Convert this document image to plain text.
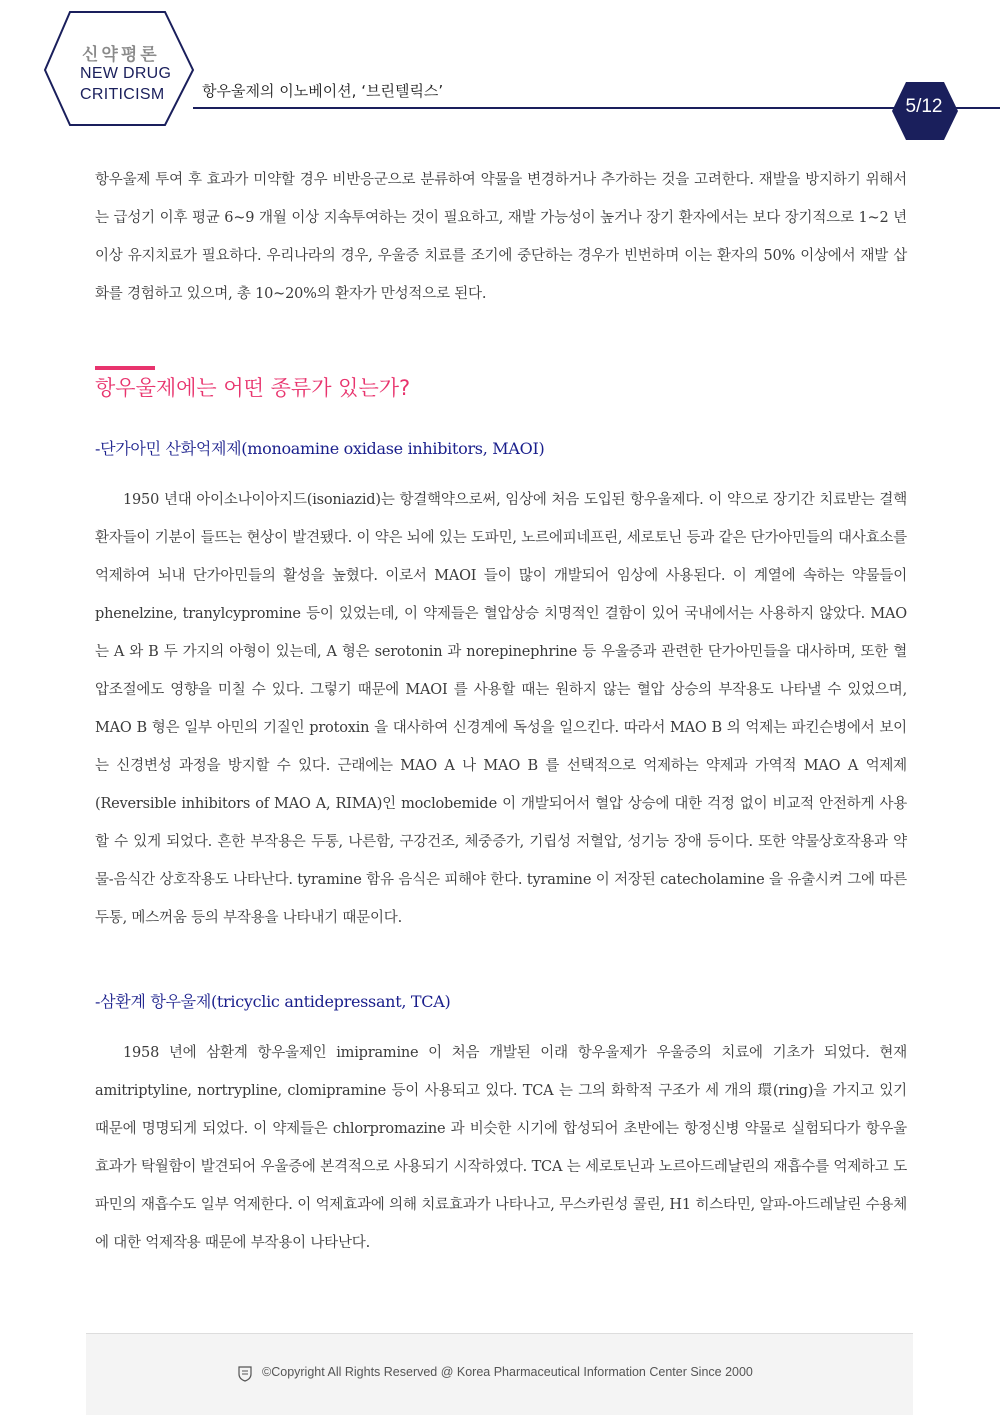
신약평론
NEW DRUG
CRITICISM	항우울제의 이노베이션, ‘브린텔릭스’
5/12

항우울제 투여 후 효과가 미약할 경우 비반응군으로 분류하여 약물을 변경하거나 추가하는 것을 고려한다. 재발을 방지하기 위해서는 급성기 이후 평균 6~9 개월 이상 지속투여하는 것이 필요하고, 재발 가능성이 높거나 장기 환자에서는 보다 장기적으로 1~2 년 이상 유지치료가 필요하다. 우리나라의 경우, 우울증 치료를 조기에 중단하는 경우가 빈번하며 이는 환자의 50% 이상에서 재발 삽화를 경험하고 있으며, 총 10~20%의 환자가 만성적으로 된다.

항우울제에는 어떤 종류가 있는가?
-단가아민 산화억제제(monoamine oxidase inhibitors, MAOI)

1950 년대 아이소나이아지드(isoniazid)는 항결핵약으로써, 임상에 처음 도입된 항우울제다. 이 약으로 장기간 치료받는 결핵 환자들이 기분이 들뜨는 현상이 발견됐다. 이 약은 뇌에 있는 도파민, 노르에피네프린, 세로토닌 등과 같은 단가아민들의 대사효소를 억제하여 뇌내 단가아민들의 활성을 높혔다. 이로서 MAOI 들이 많이 개발되어 임상에 사용된다. 이 계열에 속하는 약물들이 phenelzine, tranylcypromine 등이 있었는데, 이 약제들은 혈압상승 치명적인 결함이 있어 국내에서는 사용하지 않았다. MAO 는 A 와 B 두 가지의 아형이 있는데, A 형은 serotonin 과 norepinephrine 등 우울증과 관련한 단가아민들을 대사하며, 또한 혈압조절에도 영향을 미칠 수 있다. 그렇기 때문에 MAOI 를 사용할 때는 원하지 않는 혈압 상승의 부작용도 나타낼 수 있었으며, MAO B 형은 일부 아민의 기질인 protoxin 을 대사하여 신경계에 독성을 일으킨다. 따라서 MAO B 의 억제는 파킨슨병에서 보이는 신경변성 과정을 방지할 수 있다. 근래에는 MAO A 나 MAO B 를 선택적으로 억제하는 약제과 가역적 MAO A 억제제(Reversible inhibitors of MAO A, RIMA)인 moclobemide 이 개발되어서 혈압 상승에 대한 걱정 없이 비교적 안전하게 사용할 수 있게 되었다. 흔한 부작용은 두통, 나른함, 구강건조, 체중증가, 기립성 저혈압, 성기능 장애 등이다. 또한 약물상호작용과 약물-음식간 상호작용도 나타난다. tyramine 함유 음식은 피해야 한다. tyramine 이 저장된 catecholamine 을 유출시켜 그에 따른 두통, 메스꺼움 등의 부작용을 나타내기 때문이다.

-삼환계 항우울제(tricyclic antidepressant, TCA)

1958 년에 삼환계 항우울제인 imipramine 이 처음 개발된 이래 항우울제가 우울증의 치료에 기초가 되었다. 현재 amitriptyline, nortrypline, clomipramine 등이 사용되고 있다. TCA 는 그의 화학적 구조가 세 개의 環(ring)을 가지고 있기 때문에 명명되게 되었다. 이 약제들은 chlorpromazine 과 비슷한 시기에 합성되어 초반에는 항정신병 약물로 실험되다가 항우울 효과가 탁월함이 발견되어 우울증에 본격적으로 사용되기 시작하였다. TCA 는 세로토닌과 노르아드레날린의 재흡수를 억제하고 도파민의 재흡수도 일부 억제한다. 이 억제효과에 의해 치료효과가 나타나고, 무스카린성 콜린, H1 히스타민, 알파-아드레날린 수용체에 대한 억제작용 때문에 부작용이 나타난다.

©Copyright All Rights Reserved @ Korea Pharmaceutical Information Center Since 2000
